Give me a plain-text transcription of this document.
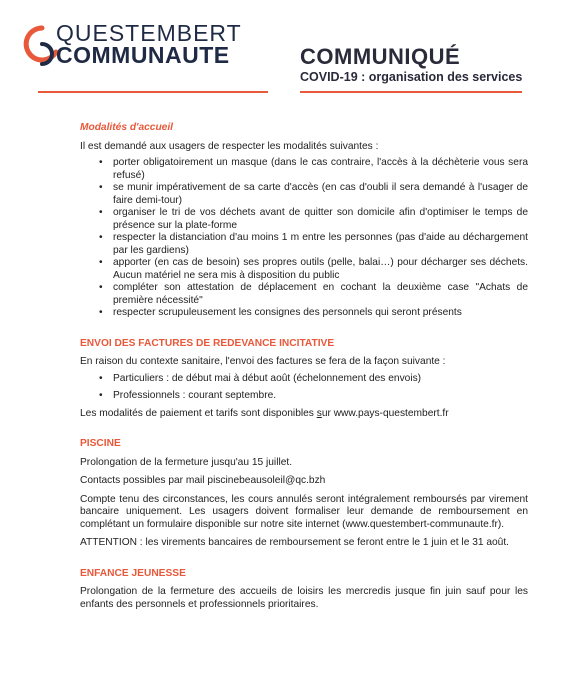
QUESTEMBERT
COMMUNAUTE	COMMUNIQUÉ
COVID-19 : organisation des services

Modalités d'accueil

Il est demandé aux usagers de respecter les modalités suivantes :

• porter obligatoirement un masque (dans le cas contraire, l'accès à la déchèterie vous sera refusé)
• se munir impérativement de sa carte d'accès (en cas d'oubli il sera demandé à l'usager de faire demi-tour)
• organiser le tri de vos déchets avant de quitter son domicile afin d'optimiser le temps de présence sur la plate-forme
• respecter la distanciation d'au moins 1 m entre les personnes (pas d'aide au déchargement par les gardiens)
• apporter (en cas de besoin) ses propres outils (pelle, balai…) pour décharger ses déchets. Aucun matériel ne sera mis à disposition du public
• compléter son attestation de déplacement en cochant la deuxième case "Achats de première nécessité"
• respecter scrupuleusement les consignes des personnels qui seront présents

ENVOI DES FACTURES DE REDEVANCE INCITATIVE

En raison du contexte sanitaire, l'envoi des factures se fera de la façon suivante :

• Particuliers : de début mai à début août (échelonnement des envois)
• Professionnels : courant septembre.

Les modalités de paiement et tarifs sont disponibles sur www.pays-questembert.fr

PISCINE

Prolongation de la fermeture jusqu'au 15 juillet.

Contacts possibles par mail piscinebeausoleil@qc.bzh

Compte tenu des circonstances, les cours annulés seront intégralement remboursés par virement bancaire uniquement. Les usagers doivent formaliser leur demande de remboursement en complétant un formulaire disponible sur notre site internet (www.questembert-communaute.fr).

ATTENTION : les virements bancaires de remboursement se feront entre le 1 juin et le 31 août.

ENFANCE JEUNESSE

Prolongation de la fermeture des accueils de loisirs les mercredis jusque fin juin sauf pour les enfants des personnels et professionnels prioritaires.
